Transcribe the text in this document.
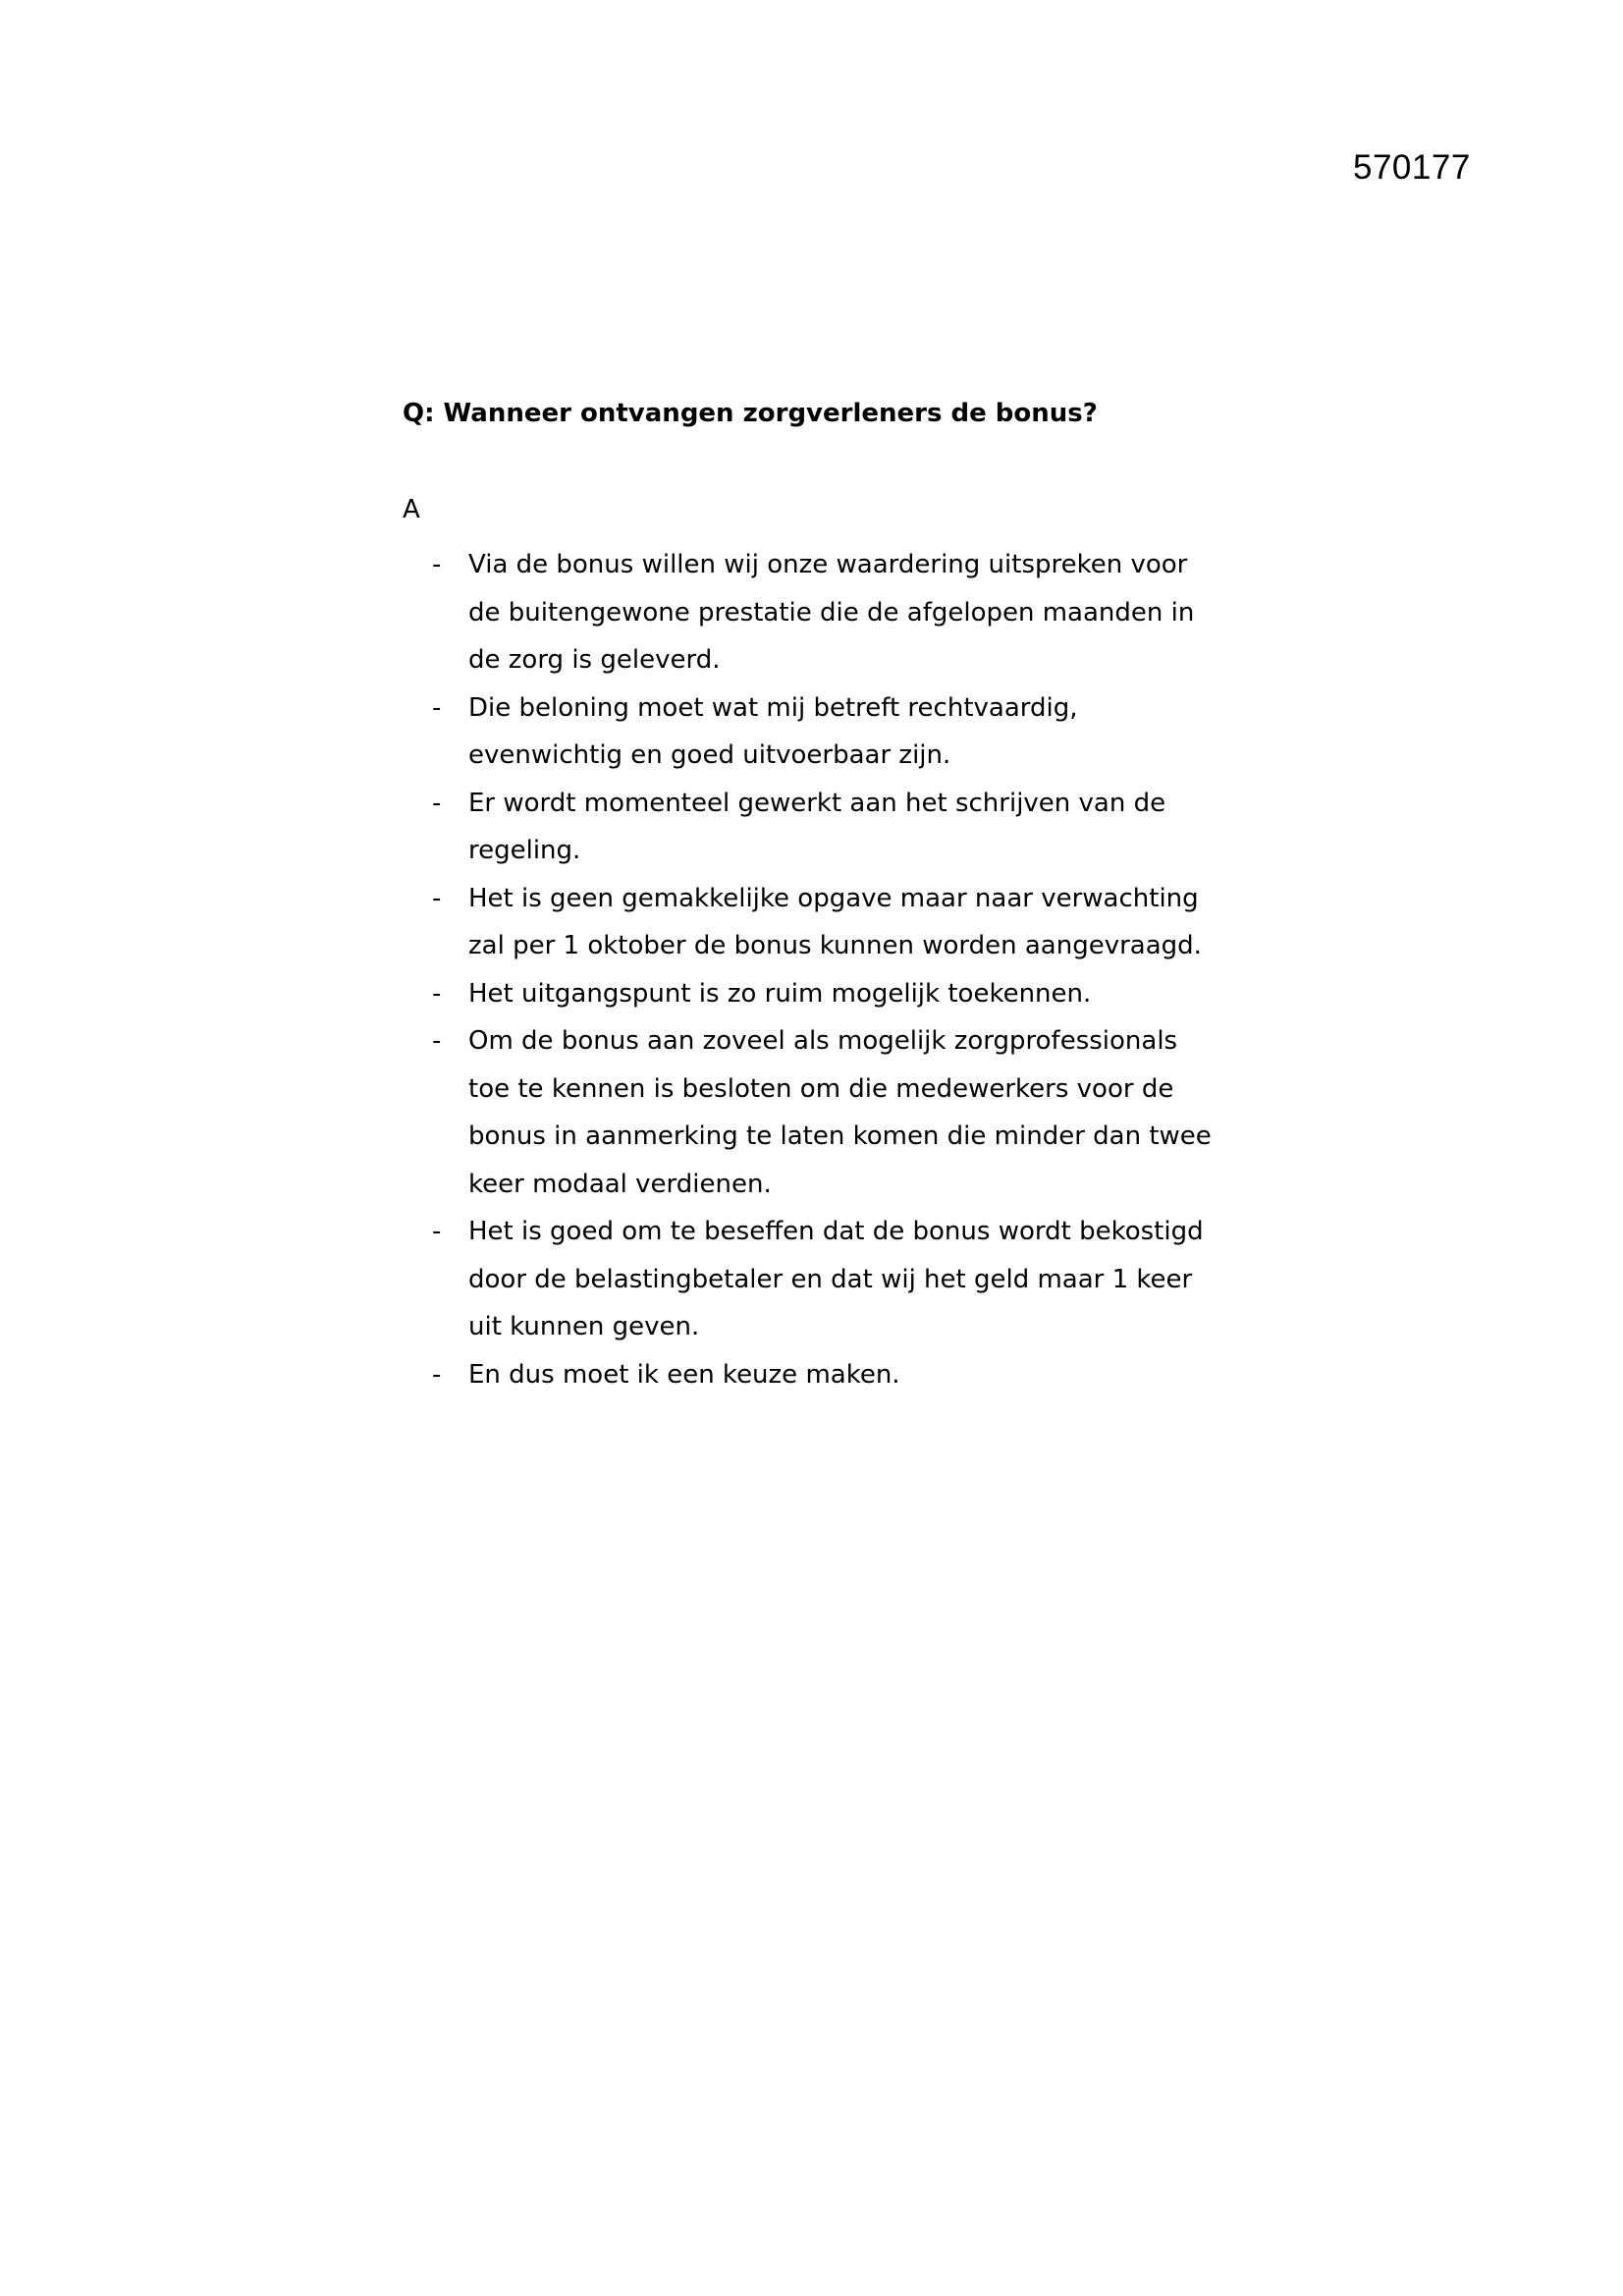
570177
Q: Wanneer ontvangen zorgverleners de bonus?
A
- Via de bonus willen wij onze waardering uitspreken voor de buitengewone prestatie die de afgelopen maanden in de zorg is geleverd.
- Die beloning moet wat mij betreft rechtvaardig, evenwichtig en goed uitvoerbaar zijn.
- Er wordt momenteel gewerkt aan het schrijven van de regeling.
- Het is geen gemakkelijke opgave maar naar verwachting zal per 1 oktober de bonus kunnen worden aangevraagd.
- Het uitgangspunt is zo ruim mogelijk toekennen.
- Om de bonus aan zoveel als mogelijk zorgprofessionals toe te kennen is besloten om die medewerkers voor de bonus in aanmerking te laten komen die minder dan twee keer modaal verdienen.
- Het is goed om te beseffen dat de bonus wordt bekostigd door de belastingbetaler en dat wij het geld maar 1 keer uit kunnen geven.
- En dus moet ik een keuze maken.
